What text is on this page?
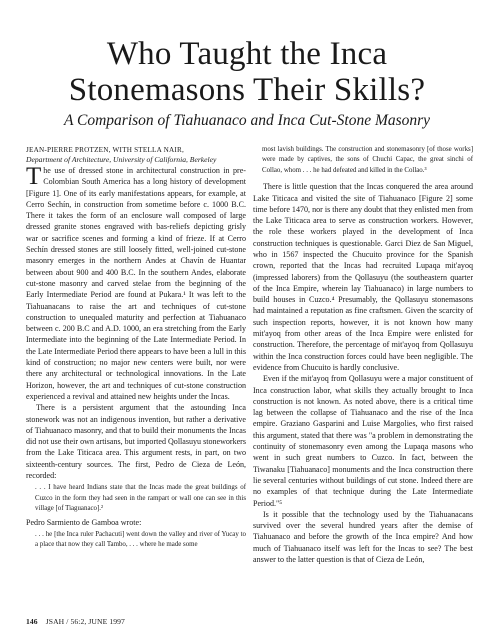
Who Taught the Inca
Stonemasons Their Skills?

A Comparison of Tiahuanaco and Inca Cut-Stone Masonry

JEAN-PIERRE PROTZEN, WITH STELLA NAIR,

Department of Architecture, University of California, Berkeley

T he use of dressed stone in architectural construction in pre-Colombian South America has a long history of development [Figure 1]. One of its early manifestations appears, for example, at Cerro Sechín, in construction from sometime before c. 1000 B.C. There it takes the form of an enclosure wall composed of large dressed granite stones engraved with bas-reliefs depicting grisly war or sacrifice scenes and forming a kind of frieze. If at Cerro Sechín dressed stones are still loosely fitted, well-joined cut-stone masonry emerges in the northern Andes at Chavín de Huantar between about 900 and 400 B.C. In the southern Andes, elaborate cut-stone masonry and carved stelae from the beginning of the Early Intermediate Period are found at Pukara.¹ It was left to the Tiahuanacans to raise the art and techniques of cut-stone construction to unequaled maturity and perfection at Tiahuanaco between c. 200 B.C and A.D. 1000, an era stretching from the Early Intermediate into the beginning of the Late Intermediate Period. In the Late Intermediate Period there appears to have been a lull in this kind of construction; no major new centers were built, nor were there any architectural or technological innovations. In the Late Horizon, however, the art and techniques of cut-stone construction experienced a revival and attained new heights under the Incas.

There is a persistent argument that the astounding Inca stonework was not an indigenous invention, but rather a derivative of Tiahuanaco masonry, and that to build their monuments the Incas did not use their own artisans, but imported Qollasuyu stoneworkers from the Lake Titicaca area. This argument rests, in part, on two sixteenth-century sources. The first, Pedro de Cieza de León, recorded:

. . . I have heard Indians state that the Incas made the great buildings of Cuzco in the form they had seen in the rampart or wall one can see in this village [of Tiaguanaco].²

Pedro Sarmiento de Gamboa wrote:

. . . he [the Inca ruler Pachacuti] went down the valley and river of Yucay to a place that now they call Tambo, . . . where he made some

most lavish buildings. The construction and stonemasonry [of those works] were made by captives, the sons of Chuchi Capac, the great sinchi of Collao, whom . . . he had defeated and killed in the Collao.³

There is little question that the Incas conquered the area around Lake Titicaca and visited the site of Tiahuanaco [Figure 2] some time before 1470, nor is there any doubt that they enlisted men from the Lake Titicaca area to serve as construction workers. However, the role these workers played in the development of Inca construction techniques is questionable. Garci Diez de San Miguel, who in 1567 inspected the Chucuito province for the Spanish crown, reported that the Incas had recruited Lupaqa mit'ayoq (impressed laborers) from the Qollasuyu (the southeastern quarter of the Inca Empire, wherein lay Tiahuanaco) in large numbers to build houses in Cuzco.⁴ Presumably, the Qollasuyu stonemasons had maintained a reputation as fine craftsmen. Given the scarcity of such inspection reports, however, it is not known how many mit'ayoq from other areas of the Inca Empire were enlisted for construction. Therefore, the percentage of mit'ayoq from Qollasuyu within the Inca construction forces could have been negligible. The evidence from Chucuito is hardly conclusive.

Even if the mit'ayoq from Qollasuyu were a major constituent of Inca construction labor, what skills they actually brought to Inca construction is not known. As noted above, there is a critical time lag between the collapse of Tiahuanaco and the rise of the Inca empire. Graziano Gasparini and Luise Margolies, who first raised this argument, stated that there was "a problem in demonstrating the continuity of stonemasonry even among the Lupaqa masons who went in such great numbers to Cuzco. In fact, between the Tiwanaku [Tiahuanaco] monuments and the Inca construction there lie several centuries without buildings of cut stone. Indeed there are no examples of that technique during the Late Intermediate Period."⁵

Is it possible that the technology used by the Tiahuanacans survived over the several hundred years after the demise of Tiahuanaco and before the growth of the Inca empire? And how much of Tiahuanaco itself was left for the Incas to see? The best answer to the latter question is that of Cieza de León,

146 JSAH / 56:2, JUNE 1997
